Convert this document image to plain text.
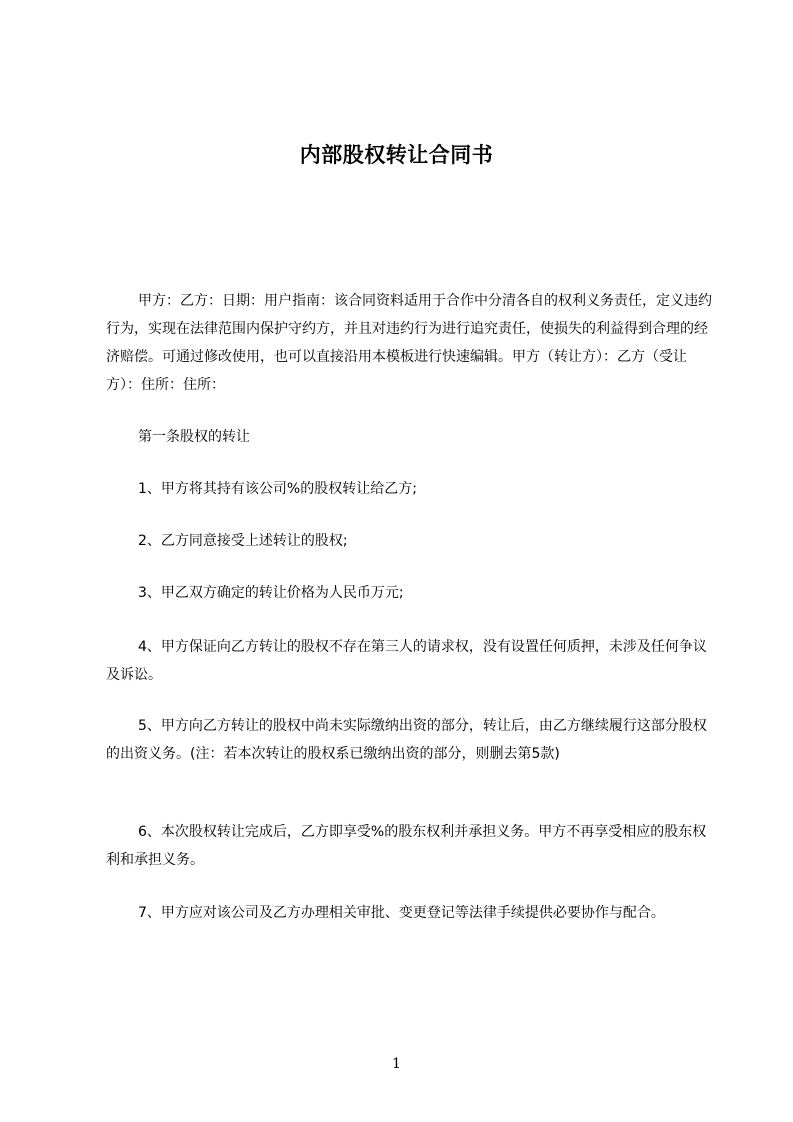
内部股权转让合同书

甲方：乙方：日期：用户指南：该合同资料适用于合作中分清各自的权利义务责任，定义违约行为，实现在法律范围内保护守约方，并且对违约行为进行追究责任，使损失的利益得到合理的经济赔偿。可通过修改使用，也可以直接沿用本模板进行快速编辑。甲方（转让方）：乙方（受让方）：住所：住所：

第一条股权的转让

1、甲方将其持有该公司%的股权转让给乙方;

2、乙方同意接受上述转让的股权;

3、甲乙双方确定的转让价格为人民币万元;

4、甲方保证向乙方转让的股权不存在第三人的请求权，没有设置任何质押，未涉及任何争议及诉讼。

5、甲方向乙方转让的股权中尚未实际缴纳出资的部分，转让后，由乙方继续履行这部分股权的出资义务。(注：若本次转让的股权系已缴纳出资的部分，则删去第5款)

6、本次股权转让完成后，乙方即享受%的股东权利并承担义务。甲方不再享受相应的股东权利和承担义务。

7、甲方应对该公司及乙方办理相关审批、变更登记等法律手续提供必要协作与配合。

1
